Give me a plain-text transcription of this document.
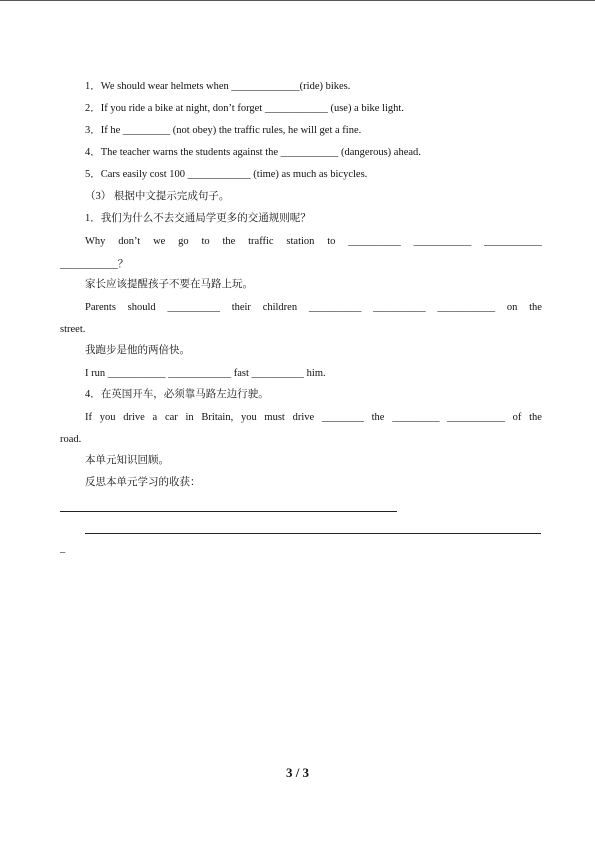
1．We should wear helmets when _____________(ride) bikes.
2．If you ride a bike at night, don’t forget ____________ (use) a bike light.
3．If he _________ (not obey) the traffic rules, he will get a fine.
4．The teacher warns the students against the ___________ (dangerous) ahead.
5．Cars easily cost 100 ____________ (time) as much as bicycles.
（3） 根据中文提示完成句子。
1．我们为什么不去交通局学更多的交通规则呢？
Why don’t we go to the traffic station to __________ ___________ ___________
___________？
家长应该提醒孩子不要在马路上玩。
Parents should __________ their children __________ __________ ___________ on the
street.
我跑步是他的两倍快。
I run ___________ ____________ fast __________ him.
4．在英国开车，必须靠马路左边行驶。
If you drive a car in Britain, you must drive ________ the _________ ___________ of the
road.
本单元知识回顾。
反思本单元学习的收获：
_
3 / 3
